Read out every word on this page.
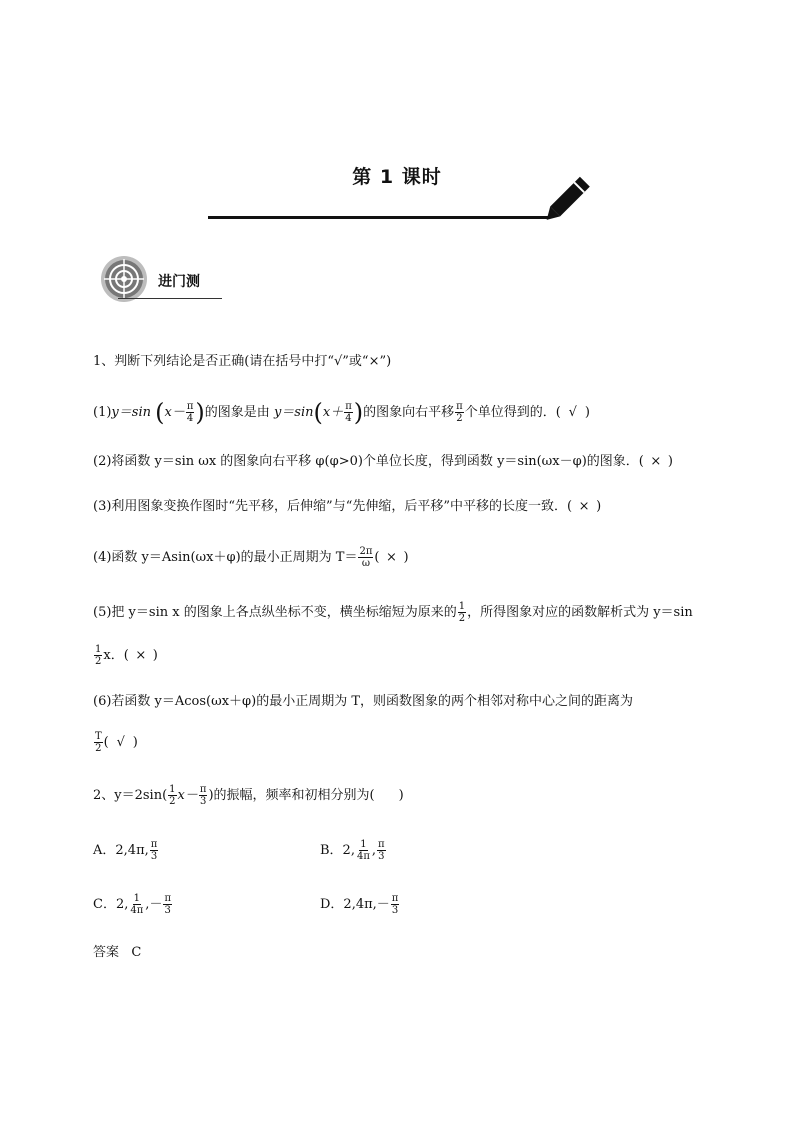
第 1 课时
进门测
1、判断下列结论是否正确(请在括号中打“√”或“×”)
(1)y＝sin ($x- \frac{\pi}{4}$ )的图象是由 $y=\sin(x+ \frac{\pi}{4}$ )的图象向右平移 $\frac{\pi}{2}$ 个单位得到的．( √ )
(2)将函数 y＝sin ωx 的图象向右平移 φ(φ>0)个单位长度，得到函数 y＝sin(ωx－φ)的图象．( × )
(3)利用图象变换作图时“先平移，后伸缩”与“先伸缩，后平移”中平移的长度一致．( × )
(4)函数 y＝Asin(ωx＋φ)的最小正周期为 $T= \frac{2\pi}{\omega}$ ( × )
(5)把 y＝sin x 的图象上各点纵坐标不变，横坐标缩短为原来的 $\frac{1}{2}$ ，所得图象对应的函数解析式为 y＝sin
$\frac{1}{2}$ x．( × )
(6)若函数 y＝Acos(ωx＋φ)的最小正周期为 T，则函数图象的两个相邻对称中心之间的距离为
$\frac{T}{2}$ ( √ )
2、$y=2\sin( \frac{1}{2} x- \frac{\pi}{3}$ )的振幅，频率和初相分别为( )
A．2,4π, $\frac{\pi}{3}$	B．2, $\frac{1}{4\pi}$ , $\frac{\pi}{3}$
C．2, $\frac{1}{4\pi}$ ,－ $\frac{\pi}{3}$	D．$2,4\pi,- \frac{\pi}{3}$
答案 C
